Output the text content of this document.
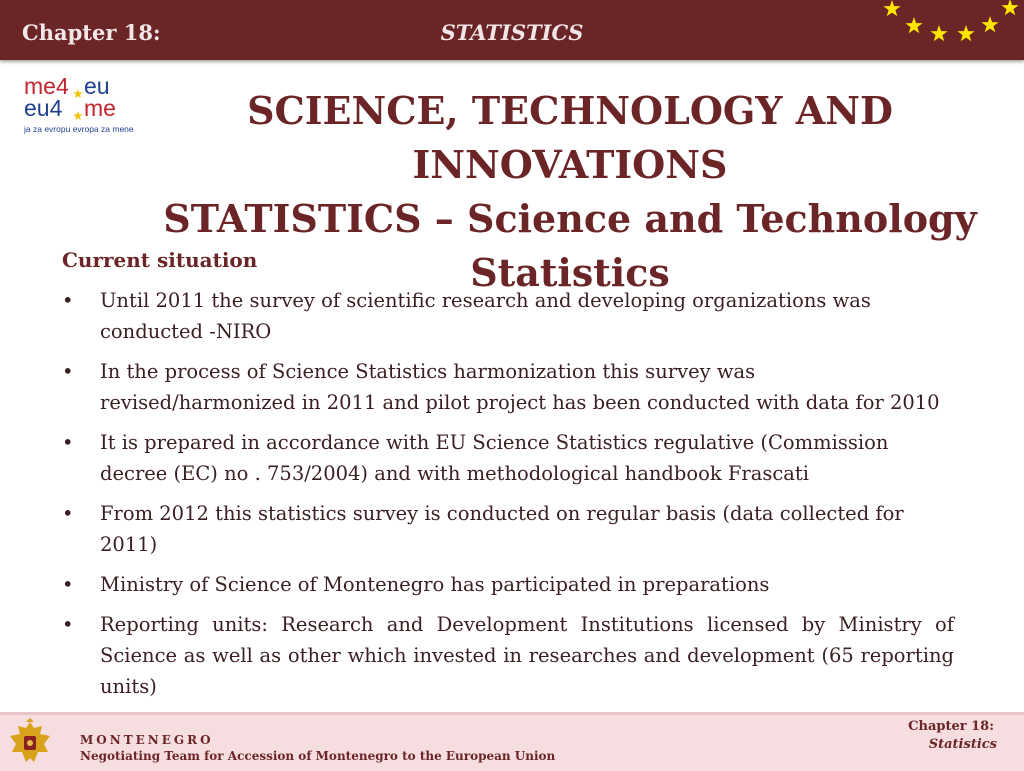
Chapter 18:	STATISTICS
me4 eu
eu4 me
ja za evropu evropa za mene	SCIENCE, TECHNOLOGY AND INNOVATIONS
STATISTICS – Science and Technology
Statistics
Current situation
• Until 2011 the survey of scientific research and developing organizations was conducted -NIRO
• In the process of Science Statistics harmonization this survey was revised/harmonized in 2011 and pilot project has been conducted with data for 2010
• It is prepared in accordance with EU Science Statistics regulative (Commission decree (EC) no . 753/2004) and with methodological handbook Frascati
• From 2012 this statistics survey is conducted on regular basis (data collected for 2011)
• Ministry of Science of Montenegro has participated in preparations
• Reporting units: Research and Development Institutions licensed by Ministry of Science as well as other which invested in researches and development (65 reporting units)
MONTENEGRO
Negotiating Team for Accession of Montenegro to the European Union
Chapter 18:
Statistics
